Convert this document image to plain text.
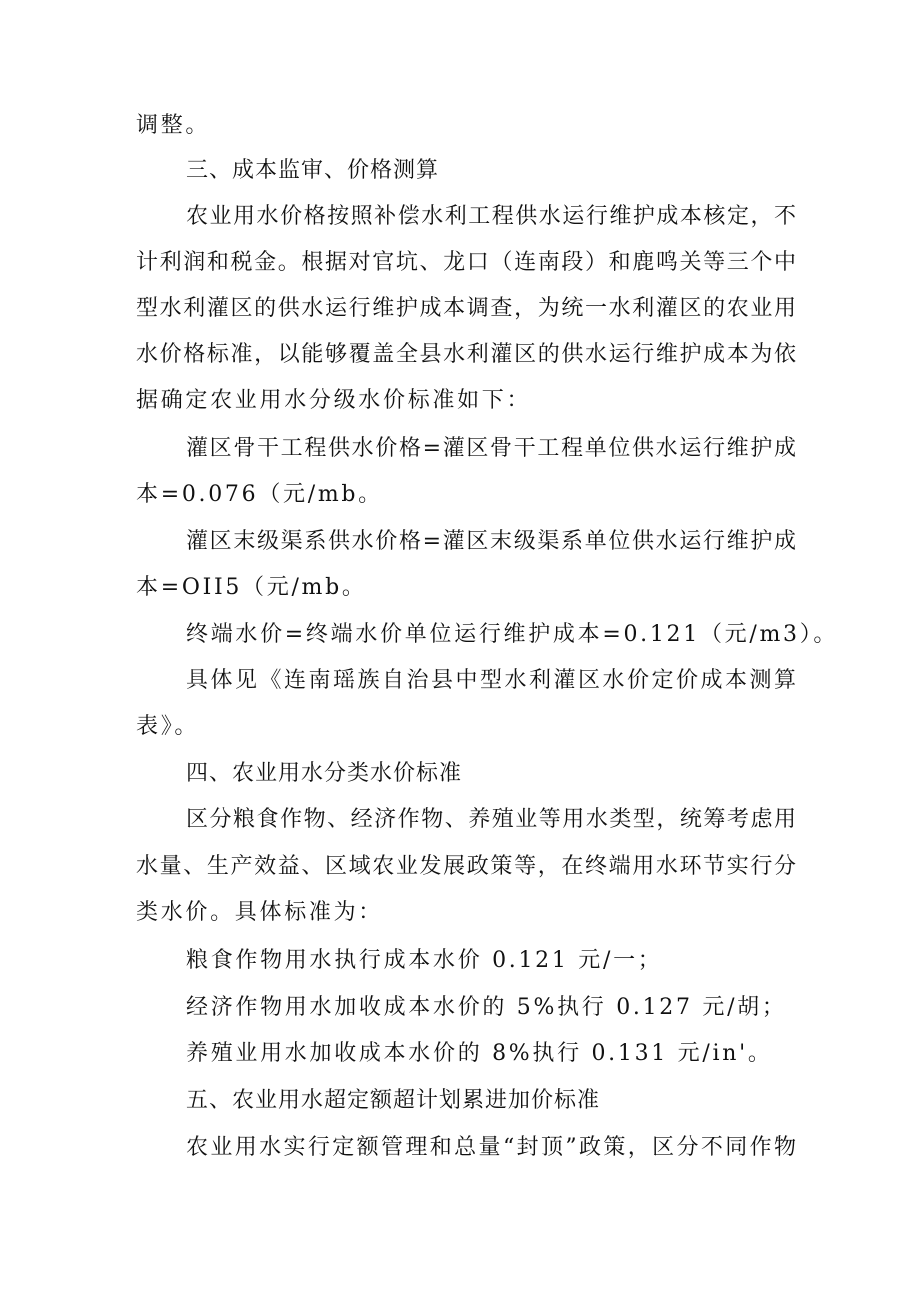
调整。
三、成本监审、价格测算
农业用水价格按照补偿水利工程供水运行维护成本核定，不
计利润和税金。根据对官坑、龙口（连南段）和鹿鸣关等三个中
型水利灌区的供水运行维护成本调查，为统一水利灌区的农业用
水价格标准，以能够覆盖全县水利灌区的供水运行维护成本为依
据确定农业用水分级水价标准如下：
灌区骨干工程供水价格=灌区骨干工程单位供水运行维护成
本=0.076（元/mb。
灌区末级渠系供水价格=灌区末级渠系单位供水运行维护成
本=OII5（元/mb。
终端水价=终端水价单位运行维护成本=0.121（元/m3）。
具体见《连南瑶族自治县中型水利灌区水价定价成本测算
表》。
四、农业用水分类水价标准
区分粮食作物、经济作物、养殖业等用水类型，统筹考虑用
水量、生产效益、区域农业发展政策等，在终端用水环节实行分
类水价。具体标准为：
粮食作物用水执行成本水价 0.121 元/一；
经济作物用水加收成本水价的 5%执行 0.127 元/胡；
养殖业用水加收成本水价的 8%执行 0.131 元/in'。
五、农业用水超定额超计划累进加价标准
农业用水实行定额管理和总量“封顶”政策，区分不同作物
